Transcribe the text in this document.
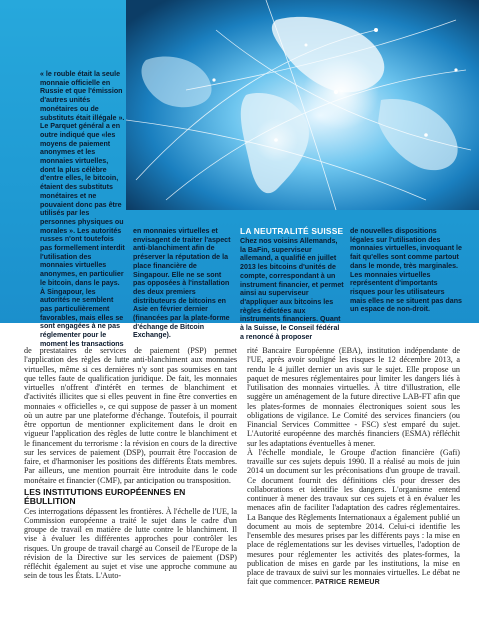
« le rouble était la seule monnaie officielle en Russie et que l'émission d'autres unités monétaires ou de substituts était illégale ». Le Parquet général a en outre indiqué que «les moyens de paiement anonymes et les monnaies virtuelles, dont la plus célèbre d'entre elles, le bitcoin, étaient des substituts monétaires et ne pouvaient donc pas être utilisés par les personnes physiques ou morales ». Les autorités russes n'ont toutefois pas formellement interdit l'utilisation des monnaies virtuelles anonymes, en particulier le bitcoin, dans le pays. À Singapour, les autorités ne semblent pas particulièrement favorables, mais elles se sont engagées à ne pas réglementer pour le moment les transactions
en monnaies virtuelles et envisagent de traiter l'aspect anti-blanchiment afin de préserver la réputation de la place financière de Singapour. Elle ne se sont pas opposées à l'installation des deux premiers distributeurs de bitcoins en Asie en février dernier (financées par la plate-forme d'échange de Bitcoin Exchange).
LA NEUTRALITÉ SUISSE
Chez nos voisins Allemands, la BaFin, superviseur allemand, a qualifié en juillet 2013 les bitcoins d'unités de compte, correspondant à un instrument financier, et permet ainsi au superviseur d'appliquer aux bitcoins les règles édictées aux instruments financiers. Quant à la Suisse, le Conseil fédéral a renoncé à proposer
de nouvelles dispositions légales sur l'utilisation des monnaies virtuelles, invoquant le fait qu'elles sont comme partout dans le monde, très marginales. Les monnaies virtuelles représentent d'importants risques pour les utilisateurs mais elles ne se situent pas dans un espace de non-droit.

de prestataires de services de paiement (PSP) permet l'application des règles de lutte anti-blanchiment aux monnaies virtuelles, même si ces dernières n'y sont pas soumises en tant que telles faute de qualification juridique. De fait, les monnaies virtuelles n'offrent d'intérêt en termes de blanchiment et d'activités illicites que si elles peuvent in fine être converties en monnaies « officielles », ce qui suppose de passer à un moment où un autre par une plateforme d'échange. Toutefois, il pourrait être opportun de mentionner explicitement dans le droit en vigueur l'application des règles de lutte contre le blanchiment et le financement du terrorisme : la révision en cours de la directive sur les services de paiement (DSP), pourrait être l'occasion de faire, et d'harmoniser les positions des différents États membres. Par ailleurs, une mention pourrait être introduite dans le code monétaire et financier (CMF), par anticipation ou transposition.

LES INSTITUTIONS EUROPÉENNES EN ÉBULLITION

Ces interrogations dépassent les frontières. À l'échelle de l'UE, la Commission européenne a traité le sujet dans le cadre d'un groupe de travail en matière de lutte contre le blanchiment. Il vise à évaluer les différentes approches pour contrôler les risques. Un groupe de travail chargé au Conseil de l'Europe de la révision de la Directive sur les services de paiement (DSP) réfléchit également au sujet et vise une approche commune au sein de tous les États. L'Auto-

rité Bancaire Européenne (EBA), institution indépendante de l'UE, après avoir souligné les risques le 12 décembre 2013, a rendu le 4 juillet dernier un avis sur le sujet. Elle propose un paquet de mesures réglementaires pour limiter les dangers liés à l'utilisation des monnaies virtuelles. À titre d'illustration, elle suggère un aménagement de la future directive LAB-FT afin que les plates-formes de monnaies électroniques soient sous les obligations de vigilance. Le Comité des services financiers (ou Financial Services Committee - FSC) s'est emparé du sujet. L'Autorité européenne des marchés financiers (ESMA) réfléchit sur les adaptations éventuelles à mener.

À l'échelle mondiale, le Groupe d'action financière (Gafi) travaille sur ces sujets depuis 1990. Il a réalisé au mois de juin 2014 un document sur les préconisations d'un groupe de travail. Ce document fournit des définitions clés pour dresser des collaborations et identifie les dangers. L'organisme entend continuer à mener des travaux sur ces sujets et à en évaluer les menaces afin de faciliter l'adaptation des cadres réglementaires. La Banque des Règlements Internationaux a également publié un document au mois de septembre 2014. Celui-ci identifie les l'ensemble des mesures prises par les différents pays : la mise en place de réglementations sur les devises virtuelles, l'adoption de mesures pour réglementer les activités des plates-formes, la publication de mises en garde par les institutions, la mise en place de travaux de suivi sur les monnaies virtuelles. Le débat ne fait que commencer. PATRICE REMEUR
